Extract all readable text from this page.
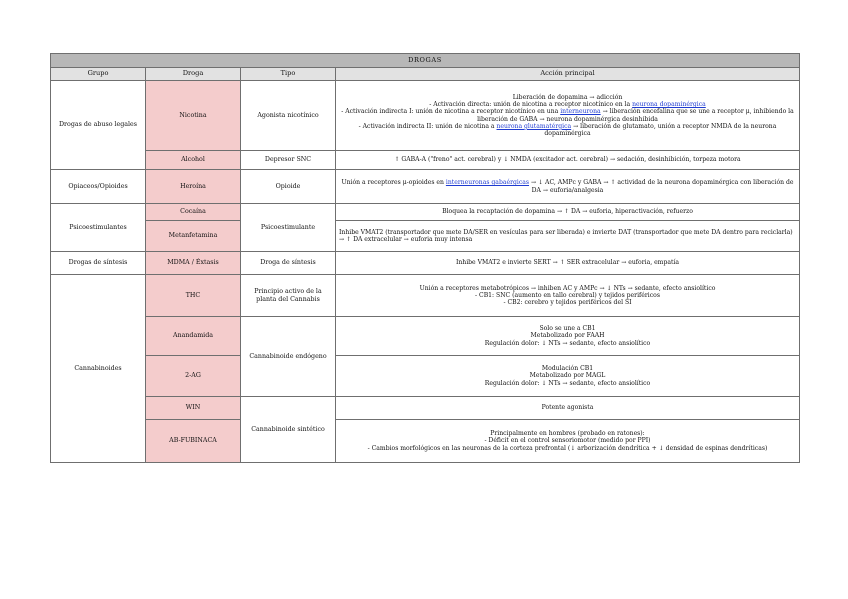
DROGAS			
Grupo	Droga	Tipo	Acción principal
Drogas de abuso legales	Nicotina	Agonista nicotínico	Liberación de dopamina → adicción
- Activación directa: unión de nicotina a receptor nicotínico en la neurona dopaminérgica
- Activación indirecta I: unión de nicotina a receptor nicotínico en una interneurona → liberación encefalina que se une a receptor μ, inhibiendo la liberación de GABA → neurona dopaminérgica desinhibida
- Activación indirecta II: unión de nicotina a neurona glutamatérgica → liberación de glutamato, unión a receptor NMDA de la neurona dopaminérgica

	Alcohol	Depresor SNC	↑ GABA-A ("freno" act. cerebral) y ↓ NMDA (excitador act. cerebral) → sedación, desinhibición, torpeza motora
Opiaceos/Opioides	Heroína	Opioide	Unión a receptores μ-opioides en interneuronas gabaérgicas → ↓ AC, AMPc y GABA → ↑ actividad de la neurona dopaminérgica con liberación de DA → euforia/analgesia
Psicoestimulantes	Cocaína	Psicoestimulante	Bloquea la recaptación de dopamina → ↑ DA → euforia, hiperactivación, refuerzo
	Metanfetamina		Inhibe VMAT2 (transportador que mete DA/SER en vesículas para ser liberada) e invierte DAT (transportador que mete DA dentro para reciclarla) → ↑ DA extracelular → euforia muy intensa
Drogas de síntesis	MDMA / Éxtasis	Droga de síntesis	Inhibe VMAT2 e invierte SERT → ↑ SER extracelular → euforia, empatía
Cannabinoides	THC	Principio activo de la planta del Cannabis	Unión a receptores metabotrópicos → inhiben AC y AMPc → ↓ NTs → sedante, efecto ansiolítico
- CB1: SNC (aumento en tallo cerebral) y tejidos periféricos
- CB2: cerebro y tejidos periféricos del SI

	Anandamida	Cannabinoide endógeno	Solo se une a CB1
Metabolizado por FAAH
Regulación dolor: ↓ NTs → sedante, efecto ansiolítico

	2-AG		Modulación CB1
Metabolizado por MAGL
Regulación dolor: ↓ NTs → sedante, efecto ansiolítico

	WIN	Cannabinoide sintético	Potente agonista
	AB-FUBINACA		Principalmente en hombres (probado en ratones):
- Déficit en el control sensoriomotor (medido por PPI)
- Cambios morfológicos en las neuronas de la corteza prefrontal (↓ arborización dendrítica + ↓ densidad de espinas dendríticas)
